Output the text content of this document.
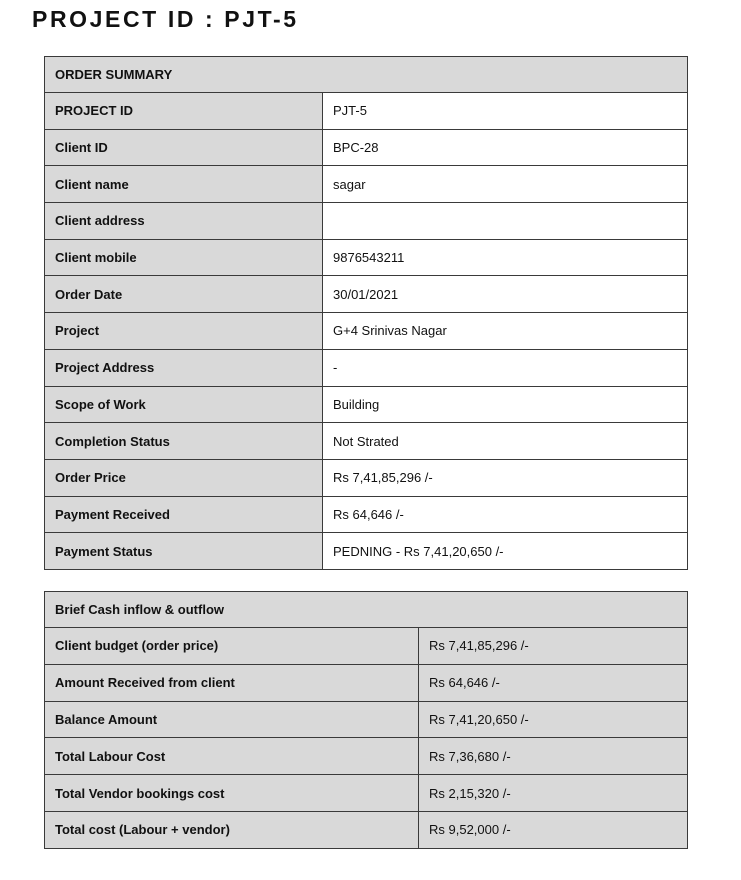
PROJECT ID : PJT-5
ORDER SUMMARY	
PROJECT ID	PJT-5
Client ID	BPC-28
Client name	sagar
Client address	
Client mobile	9876543211
Order Date	30/01/2021
Project	G+4 Srinivas Nagar
Project Address	-
Scope of Work	Building
Completion Status	Not Strated
Order Price	Rs 7,41,85,296 /-
Payment Received	Rs 64,646 /-
Payment Status	PEDNING - Rs 7,41,20,650 /-
Brief Cash inflow & outflow	
Client budget (order price)	Rs 7,41,85,296 /-
Amount Received from client	Rs 64,646 /-
Balance Amount	Rs 7,41,20,650 /-
Total Labour Cost	Rs 7,36,680 /-
Total Vendor bookings cost	Rs 2,15,320 /-
Total cost (Labour + vendor)	Rs 9,52,000 /-
